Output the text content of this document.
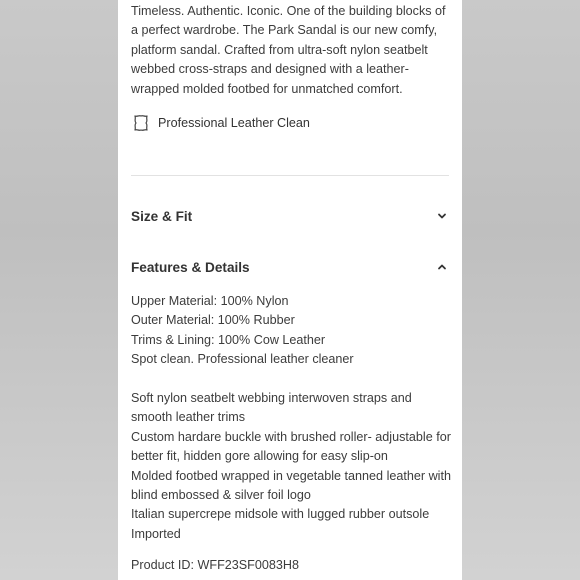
Timeless. Authentic. Iconic. One of the building blocks of
a perfect wardrobe. The Park Sandal is our new comfy,
platform sandal. Crafted from ultra-soft nylon seatbelt
webbed cross-straps and designed with a leather-
wrapped molded footbed for unmatched comfort.
Professional Leather Clean
Size & Fit
Features & Details
Upper Material: 100% Nylon
Outer Material: 100% Rubber
Trims & Lining: 100% Cow Leather
Spot clean. Professional leather cleaner
Soft nylon seatbelt webbing interwoven straps and
smooth leather trims
Custom hardare buckle with brushed roller- adjustable for
better fit, hidden gore allowing for easy slip-on
Molded footbed wrapped in vegetable tanned leather with
blind embossed & silver foil logo
Italian supercrepe midsole with lugged rubber outsole
Imported
Product ID: WFF23SF0083H8
